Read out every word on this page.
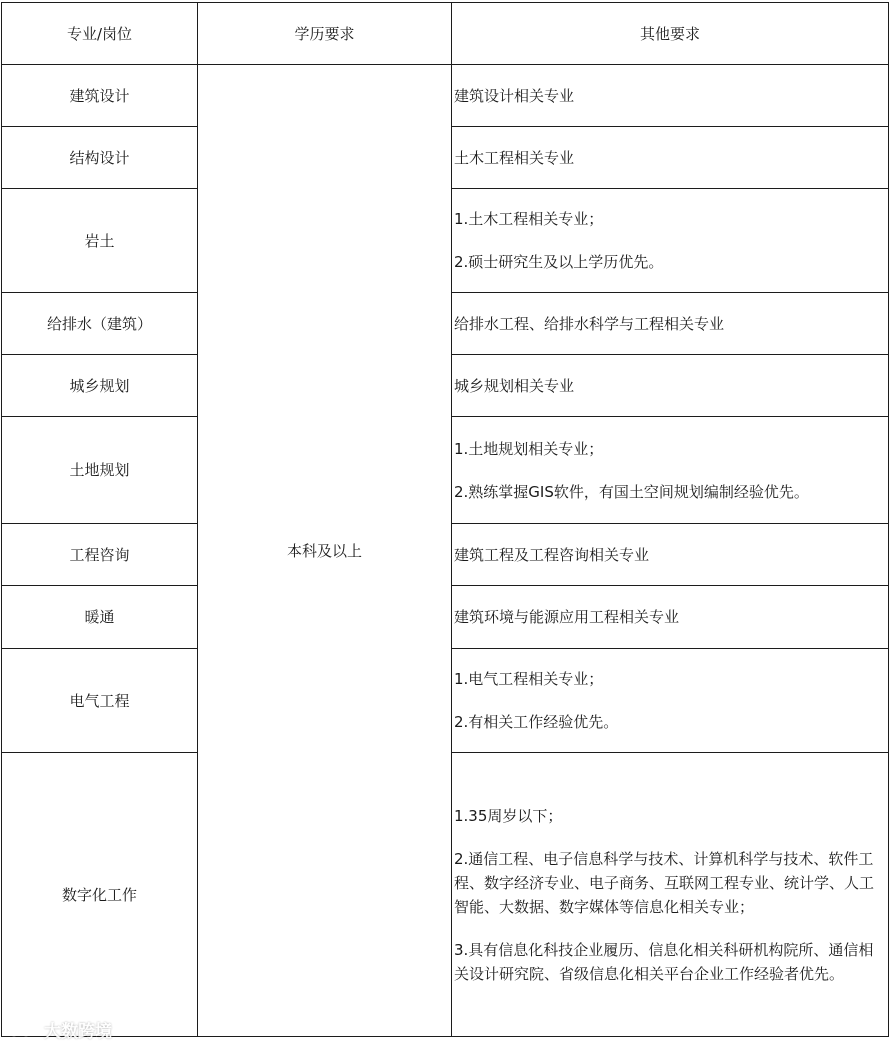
专业/岗位	学历要求	其他要求
建筑设计	本科及以上	建筑设计相关专业

结构设计		土木工程相关专业

岩土		1.土木工程相关专业；

2.硕士研究生及以上学历优先。

给排水（建筑）		给排水工程、给排水科学与工程相关专业

城乡规划		城乡规划相关专业

土地规划		1.土地规划相关专业；

2.熟练掌握GIS软件，有国土空间规划编制经验优先。

工程咨询		建筑工程及工程咨询相关专业

暖通		建筑环境与能源应用工程相关专业

电气工程		1.电气工程相关专业；

2.有相关工作经验优先。

数字化工作		1.35周岁以下；

2.通信工程、电子信息科学与技术、计算机科学与技术、软件工程、数字经济专业、电子商务、互联网工程专业、统计学、人工智能、大数据、数字媒体等信息化相关专业；

3.具有信息化科技企业履历、信息化相关科研机构院所、通信相关设计研究院、省级信息化相关平台企业工作经验者优先。

大数跨境
